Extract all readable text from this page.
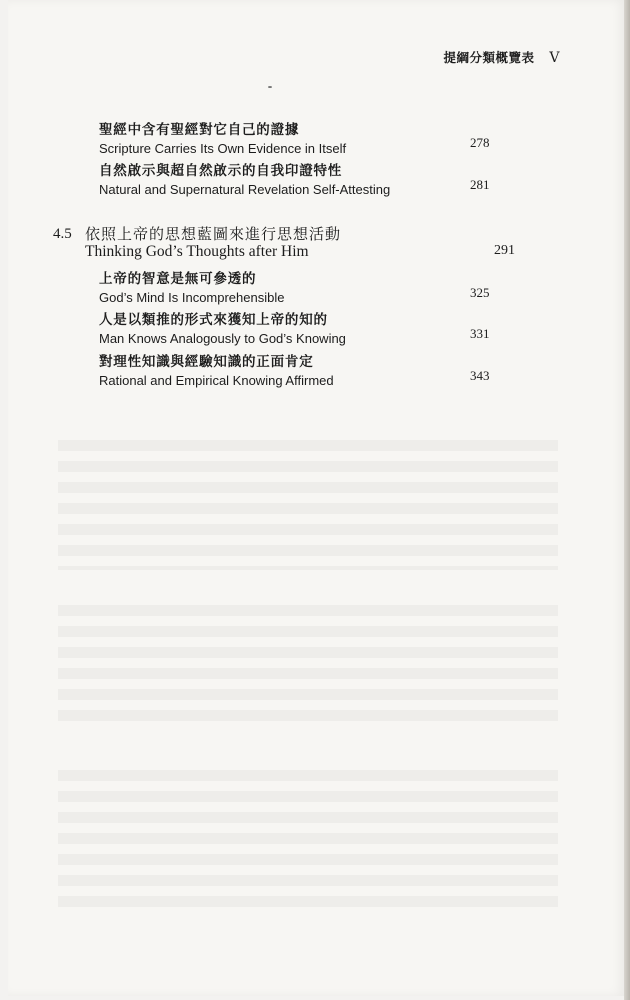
提綱分類概覽表 V
聖經中含有聖經對它自己的證據
Scripture Carries Its Own Evidence in Itself	278
自然啟示與超自然啟示的自我印證特性
Natural and Supernatural Revelation Self-Attesting	281
4.5 依照上帝的思想藍圖來進行思想活動
Thinking God’s Thoughts after Him	291
上帝的智意是無可參透的
God’s Mind Is Incomprehensible	325
人是以類推的形式來獲知上帝的知的
Man Knows Analogously to God’s Knowing	331
對理性知識與經驗知識的正面肯定
Rational and Empirical Knowing Affirmed	343
